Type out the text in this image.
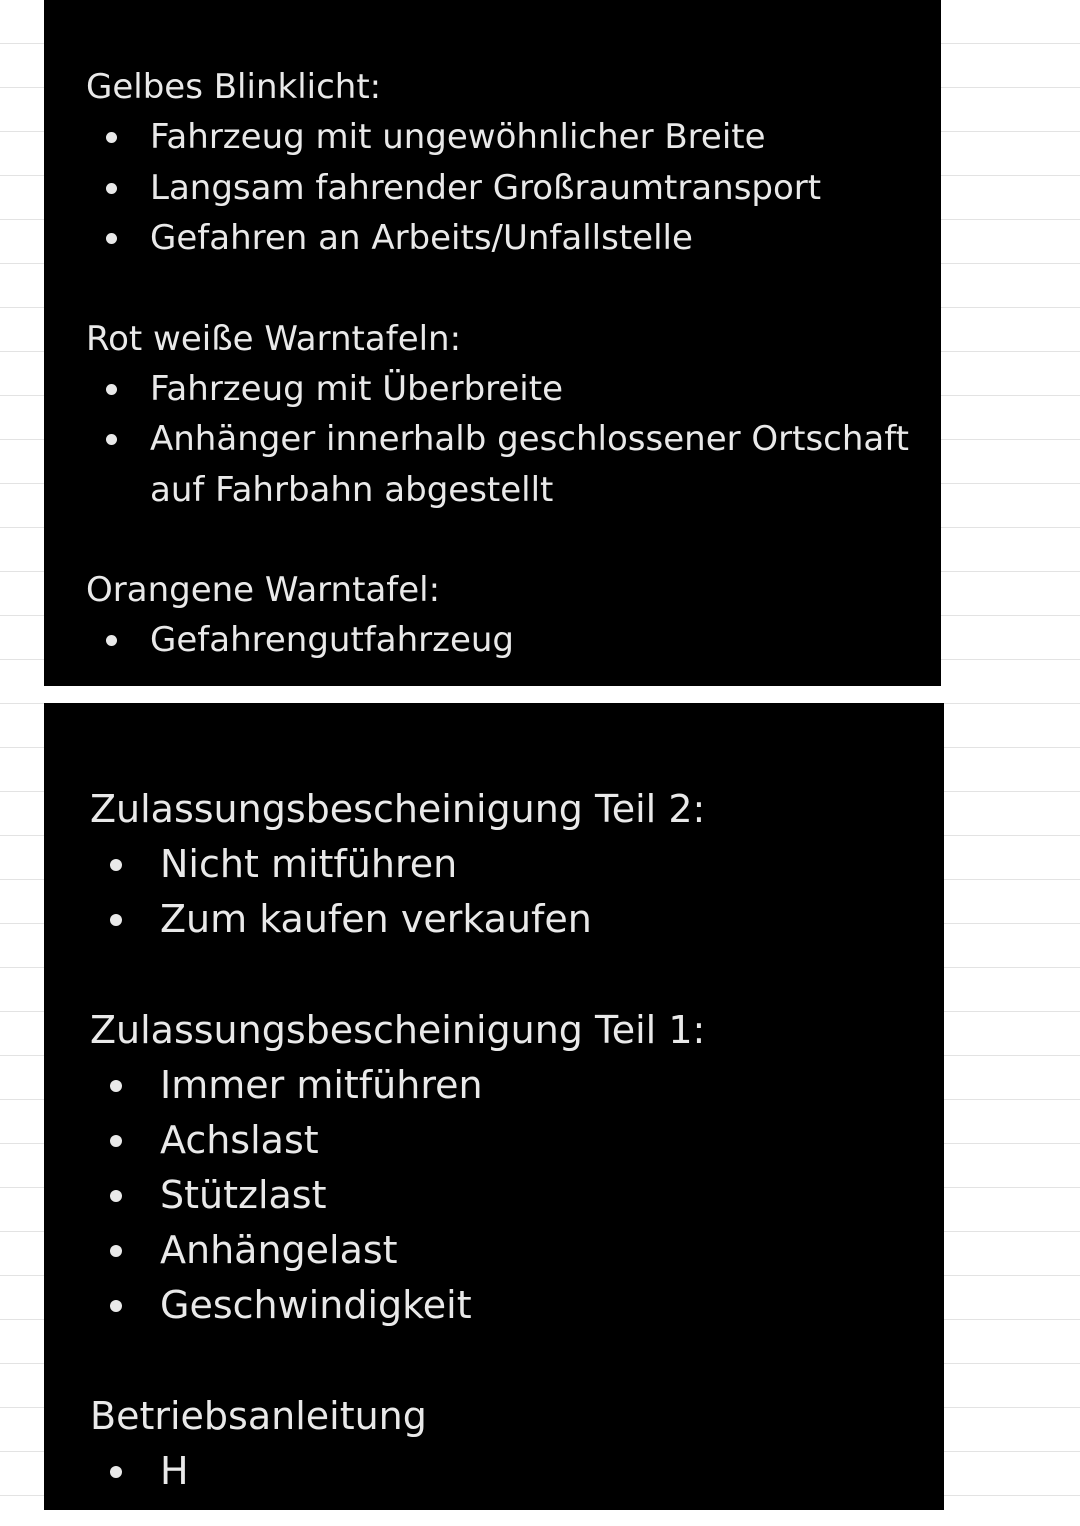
Gelbes Blinklicht:

Fahrzeug mit ungewöhnlicher Breite
Langsam fahrender Großraumtransport
Gefahren an Arbeits/Unfallstelle

Rot weiße Warntafeln:

Fahrzeug mit Überbreite
Anhänger innerhalb geschlossener Ortschaft auf Fahrbahn abgestellt

Orangene Warntafel:

Gefahrengutfahrzeug

Zulassungsbescheinigung Teil 2:

Nicht mitführen
Zum kaufen verkaufen

Zulassungsbescheinigung Teil 1:

Immer mitführen
Achslast
Stützlast
Anhängelast
Geschwindigkeit

Betriebsanleitung

H
